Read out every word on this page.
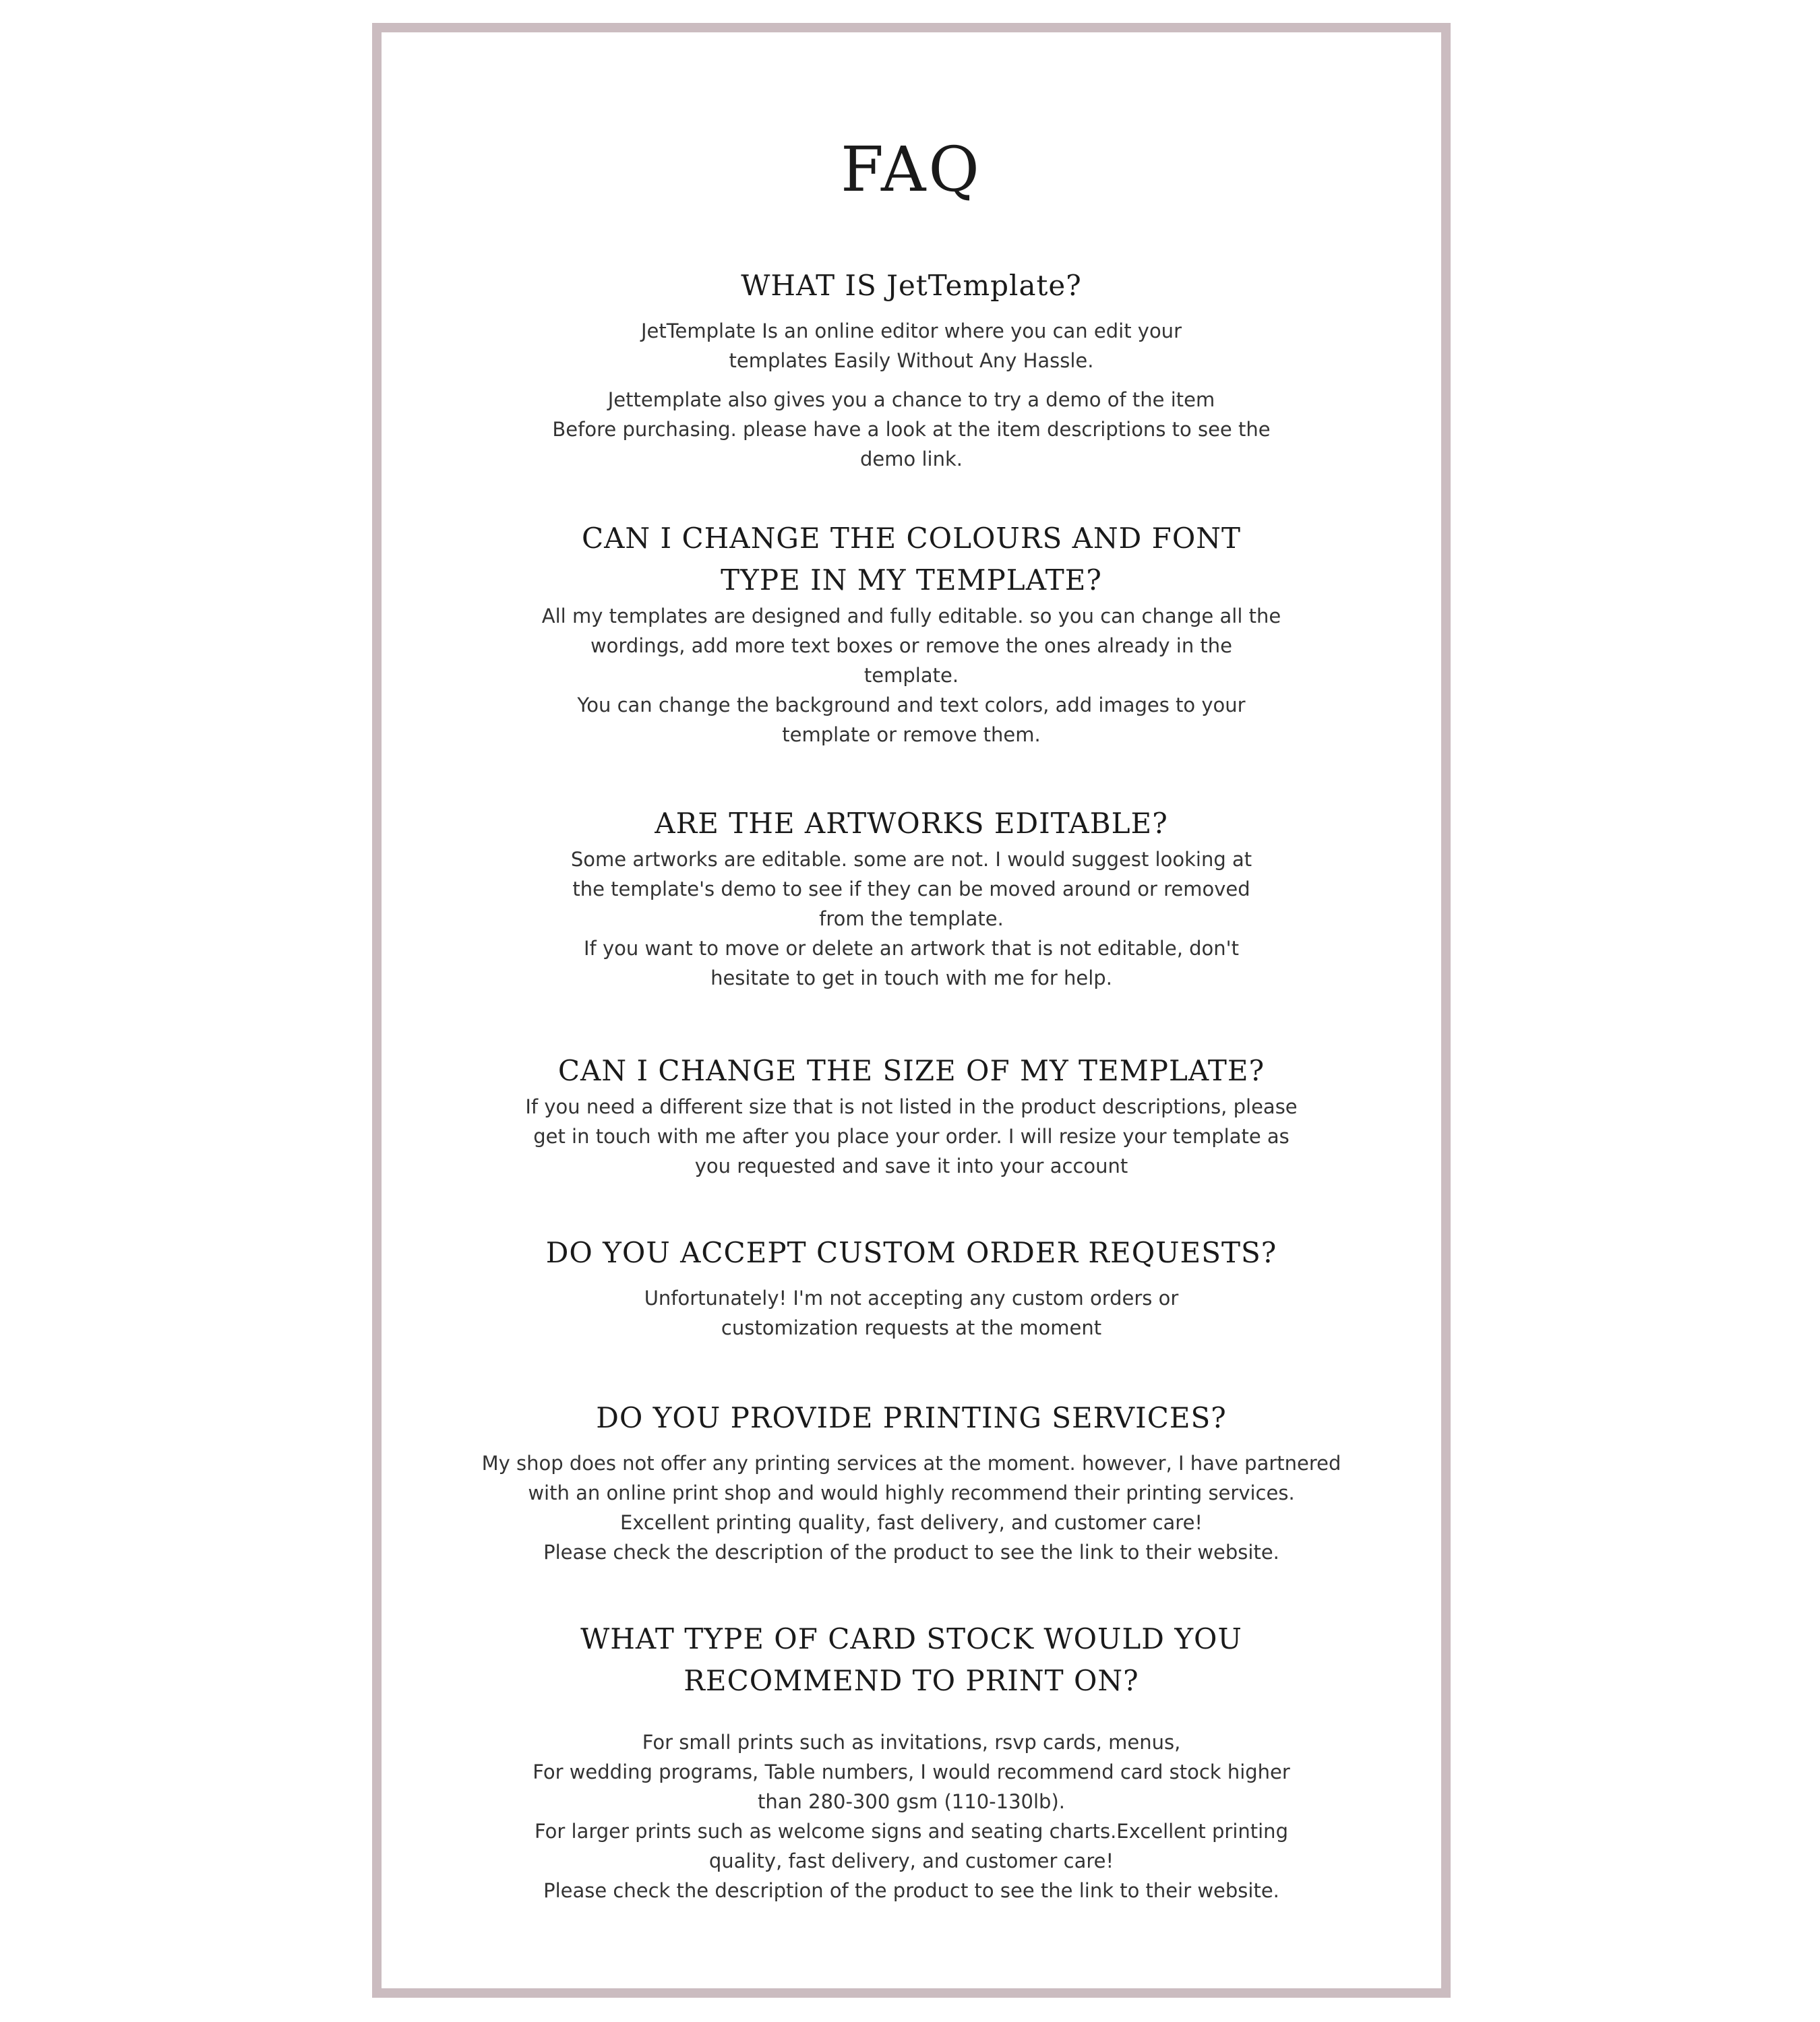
FAQ
WHAT IS JetTemplate?

JetTemplate Is an online editor where you can edit your
templates Easily Without Any Hassle.

Jettemplate also gives you a chance to try a demo of the item
Before purchasing. please have a look at the item descriptions to see the
demo link.

CAN I CHANGE THE COLOURS AND FONT
TYPE IN MY TEMPLATE?

All my templates are designed and fully editable. so you can change all the
wordings, add more text boxes or remove the ones already in the
template.
You can change the background and text colors, add images to your
template or remove them.

ARE THE ARTWORKS EDITABLE?

Some artworks are editable. some are not. I would suggest looking at
the template's demo to see if they can be moved around or removed
from the template.
If you want to move or delete an artwork that is not editable, don't
hesitate to get in touch with me for help.

CAN I CHANGE THE SIZE OF MY TEMPLATE?

If you need a different size that is not listed in the product descriptions, please
get in touch with me after you place your order. I will resize your template as
you requested and save it into your account

DO YOU ACCEPT CUSTOM ORDER REQUESTS?

Unfortunately! I'm not accepting any custom orders or
customization requests at the moment

DO YOU PROVIDE PRINTING SERVICES?

My shop does not offer any printing services at the moment. however, I have partnered
with an online print shop and would highly recommend their printing services.
Excellent printing quality, fast delivery, and customer care!
Please check the description of the product to see the link to their website.

WHAT TYPE OF CARD STOCK WOULD YOU
RECOMMEND TO PRINT ON?

For small prints such as invitations, rsvp cards, menus,
For wedding programs, Table numbers, I would recommend card stock higher
than 280-300 gsm (110-130lb).
For larger prints such as welcome signs and seating charts.Excellent printing
quality, fast delivery, and customer care!
Please check the description of the product to see the link to their website.
